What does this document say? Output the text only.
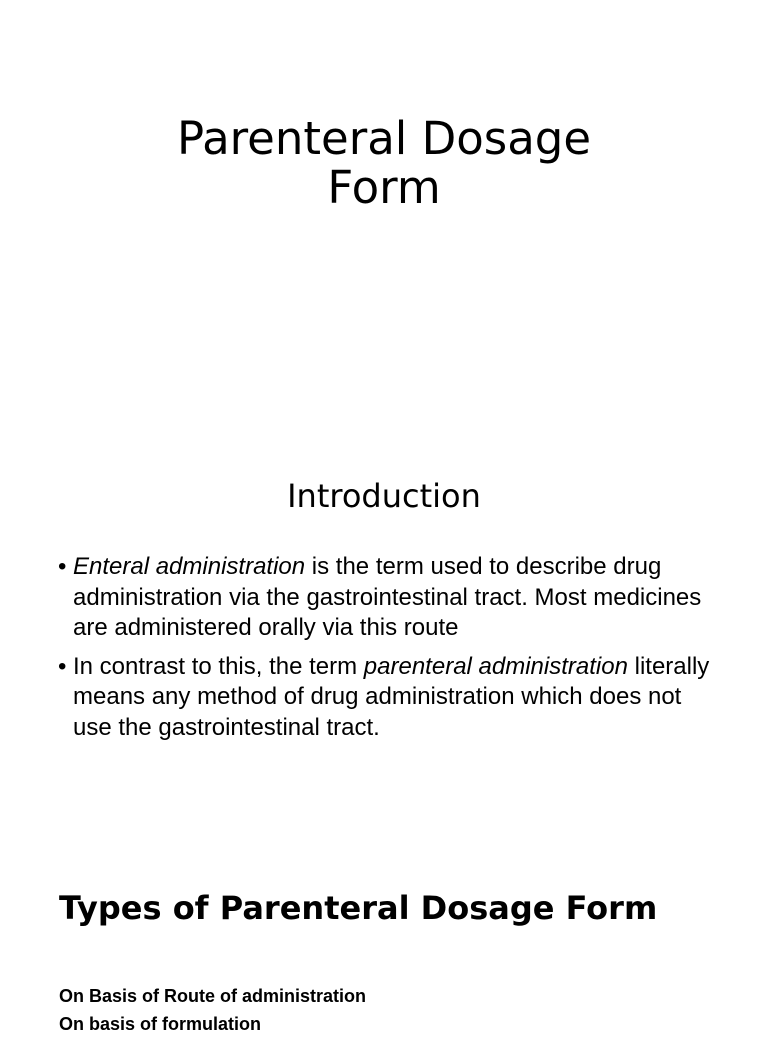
Parenteral Dosage
Form
Introduction
• Enteral administration is the term used to describe drug administration via the gastrointestinal tract. Most medicines are administered orally via this route
• In contrast to this, the term parenteral administration literally means any method of drug administration which does not use the gastrointestinal tract.
Types of Parenteral Dosage Form
On Basis of Route of administration
On basis of formulation
